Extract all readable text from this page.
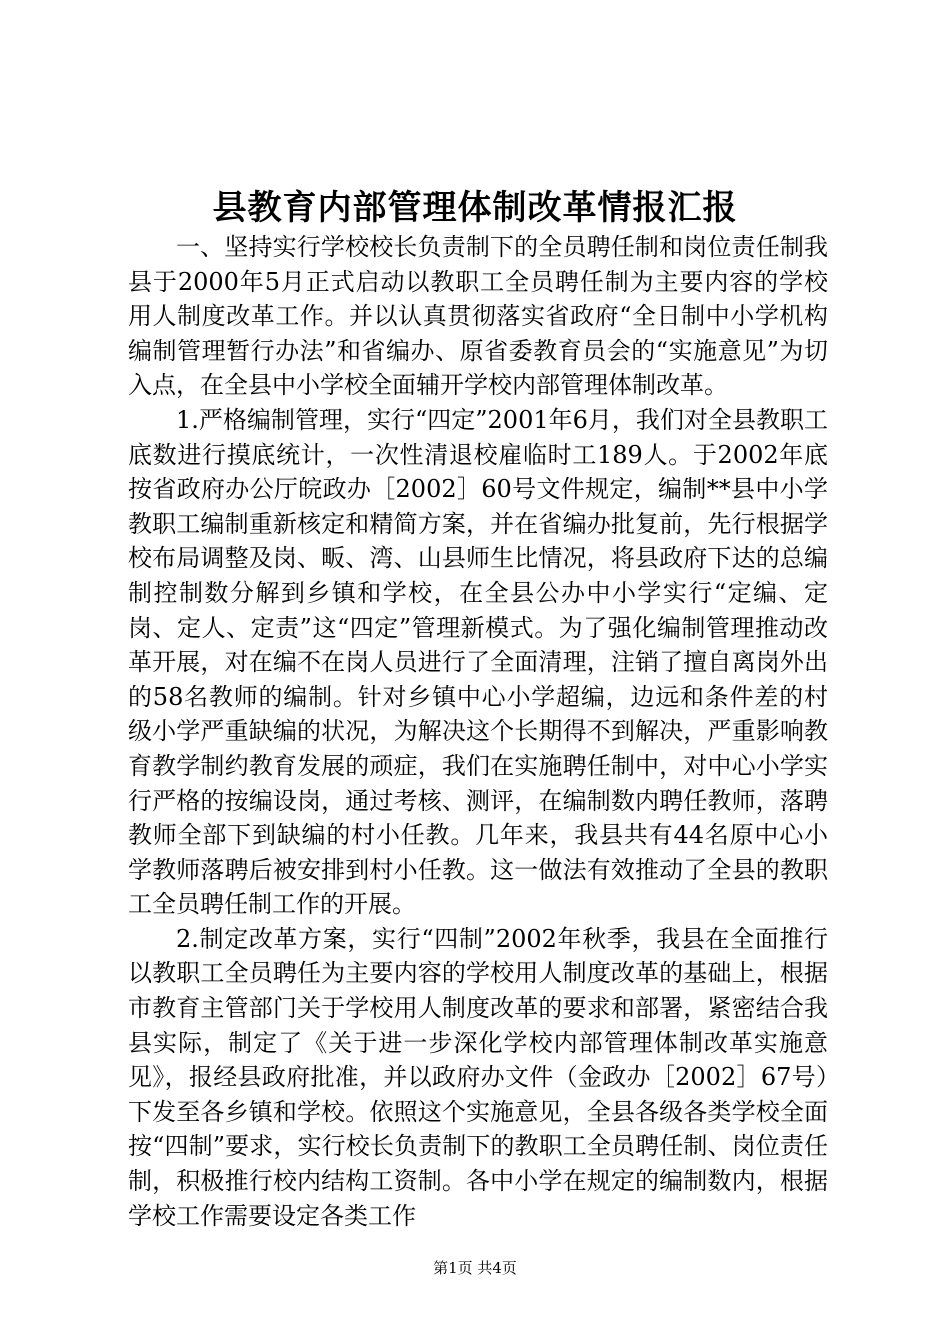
县教育内部管理体制改革情报汇报

一、坚持实行学校校长负责制下的全员聘任制和岗位责任制我县于2000年5月正式启动以教职工全员聘任制为主要内容的学校用人制度改革工作。并以认真贯彻落实省政府“全日制中小学机构编制管理暂行办法”和省编办、原省委教育员会的“实施意见”为切入点，在全县中小学校全面辅开学校内部管理体制改革。

1.严格编制管理，实行“四定”2001年6月，我们对全县教职工底数进行摸底统计，一次性清退校雇临时工189人。于2002年底按省政府办公厅皖政办［2002］60号文件规定，编制**县中小学教职工编制重新核定和精简方案，并在省编办批复前，先行根据学校布局调整及岗、畈、湾、山县师生比情况，将县政府下达的总编制控制数分解到乡镇和学校，在全县公办中小学实行“定编、定岗、定人、定责”这“四定”管理新模式。为了强化编制管理推动改革开展，对在编不在岗人员进行了全面清理，注销了擅自离岗外出的58名教师的编制。针对乡镇中心小学超编，边远和条件差的村级小学严重缺编的状况，为解决这个长期得不到解决，严重影响教育教学制约教育发展的顽症，我们在实施聘任制中，对中心小学实行严格的按编设岗，通过考核、测评，在编制数内聘任教师，落聘教师全部下到缺编的村小任教。几年来，我县共有44名原中心小学教师落聘后被安排到村小任教。这一做法有效推动了全县的教职工全员聘任制工作的开展。

2.制定改革方案，实行“四制”2002年秋季，我县在全面推行以教职工全员聘任为主要内容的学校用人制度改革的基础上，根据市教育主管部门关于学校用人制度改革的要求和部署，紧密结合我县实际，制定了《关于进一步深化学校内部管理体制改革实施意见》，报经县政府批准，并以政府办文件（金政办［2002］67号）下发至各乡镇和学校。依照这个实施意见，全县各级各类学校全面按“四制”要求，实行校长负责制下的教职工全员聘任制、岗位责任制，积极推行校内结构工资制。各中小学在规定的编制数内，根据学校工作需要设定各类工作

第1页 共4页
